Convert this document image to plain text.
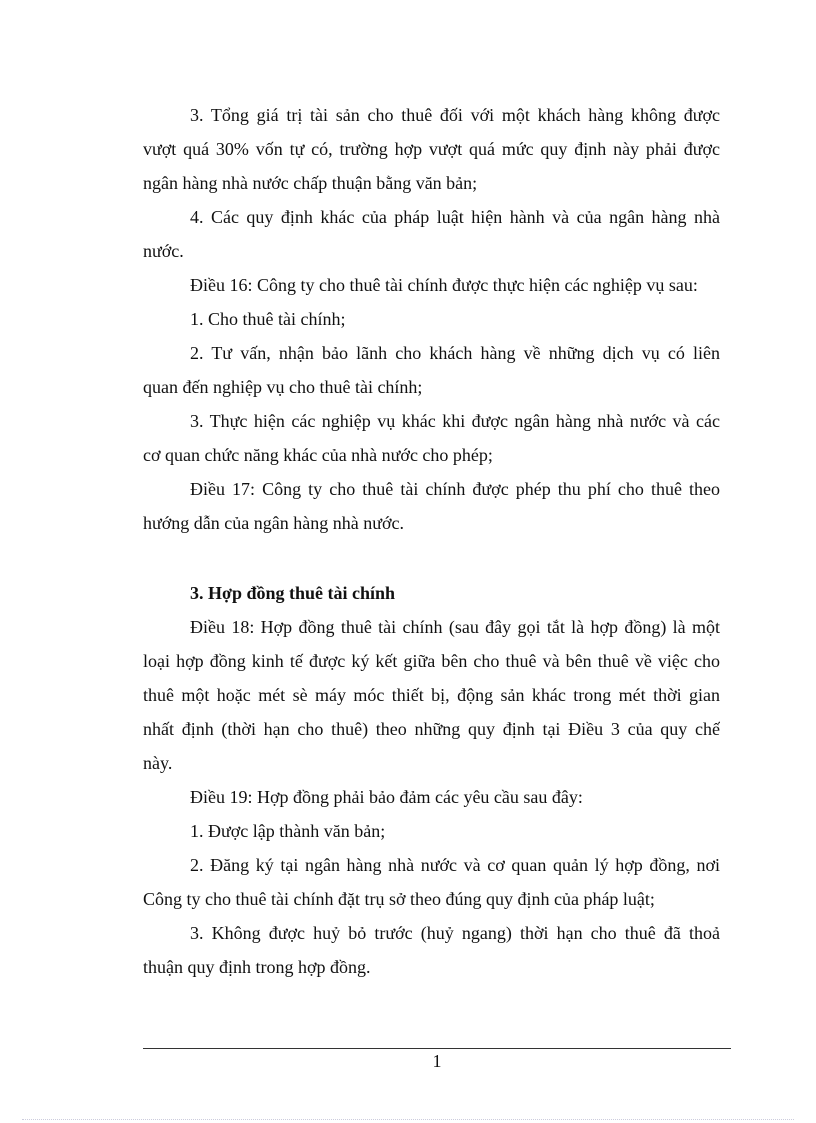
3. Tổng giá trị tài sản cho thuê đối với một khách hàng không được
vượt quá 30% vốn tự có, trường hợp vượt quá mức quy định này phải được
ngân hàng nhà nước chấp thuận bằng văn bản;
4. Các quy định khác của pháp luật hiện hành và của ngân hàng nhà
nước.
Điều 16: Công ty cho thuê tài chính được thực hiện các nghiệp vụ sau:
1. Cho thuê tài chính;
2. Tư vấn, nhận bảo lãnh cho khách hàng về những dịch vụ có liên
quan đến nghiệp vụ cho thuê tài chính;
3. Thực hiện các nghiệp vụ khác khi được ngân hàng nhà nước và các
cơ quan chức năng khác của nhà nước cho phép;
Điều 17: Công ty cho thuê tài chính được phép thu phí cho thuê theo
hướng dẫn của ngân hàng nhà nước.
3. Hợp đồng thuê tài chính
Điều 18: Hợp đồng thuê tài chính (sau đây gọi tắt là hợp đồng) là một
loại hợp đồng kinh tế được ký kết giữa bên cho thuê và bên thuê về việc cho
thuê một hoặc mét sè máy móc thiết bị, động sản khác trong mét thời gian
nhất định (thời hạn cho thuê) theo những quy định tại Điều 3 của quy chế
này.
Điều 19: Hợp đồng phải bảo đảm các yêu cầu sau đây:
1. Được lập thành văn bản;
2. Đăng ký tại ngân hàng nhà nước và cơ quan quản lý hợp đồng, nơi
Công ty cho thuê tài chính đặt trụ sở theo đúng quy định của pháp luật;
3. Không được huỷ bỏ trước (huỷ ngang) thời hạn cho thuê đã thoả
thuận quy định trong hợp đồng.
1
